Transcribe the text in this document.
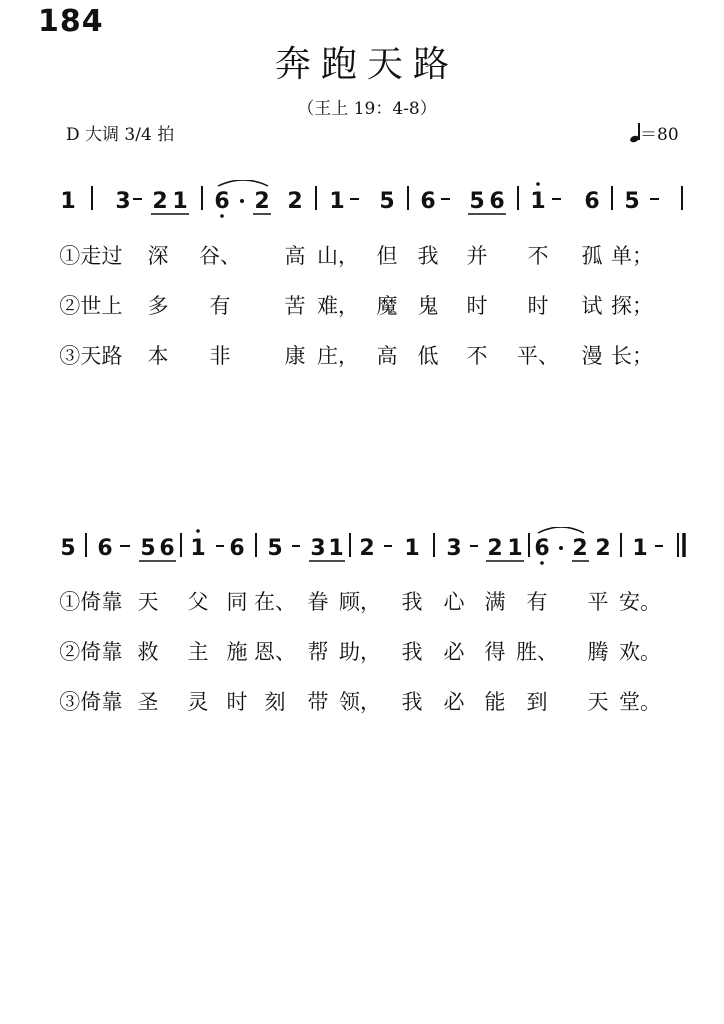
184
奔跑天路
（王上 19：4-8）
D 大调 3/4 拍	＝80
1 3 2 1 6 2 2 1 5 6 5 6 1 6 5
①走 过 深 谷、 高 山， 但 我 并 不 孤 单；
②世 上 多 有	苦 难， 魔 鬼 时 时 试 探；
③天 路 本 非	康 庄， 高 低 不 平、 漫 长；
5 6 5 6 1 6 5 3 1 2 1 3 2 1 6 2 2 1
①倚 靠 天 父 同 在、 眷 顾， 我 心 满 有 平 安。
②倚 靠 救 主 施 恩、 帮 助， 我 必 得 胜、 腾 欢。
③倚 靠 圣 灵 时 刻 带 领， 我 必 能 到 天 堂。
